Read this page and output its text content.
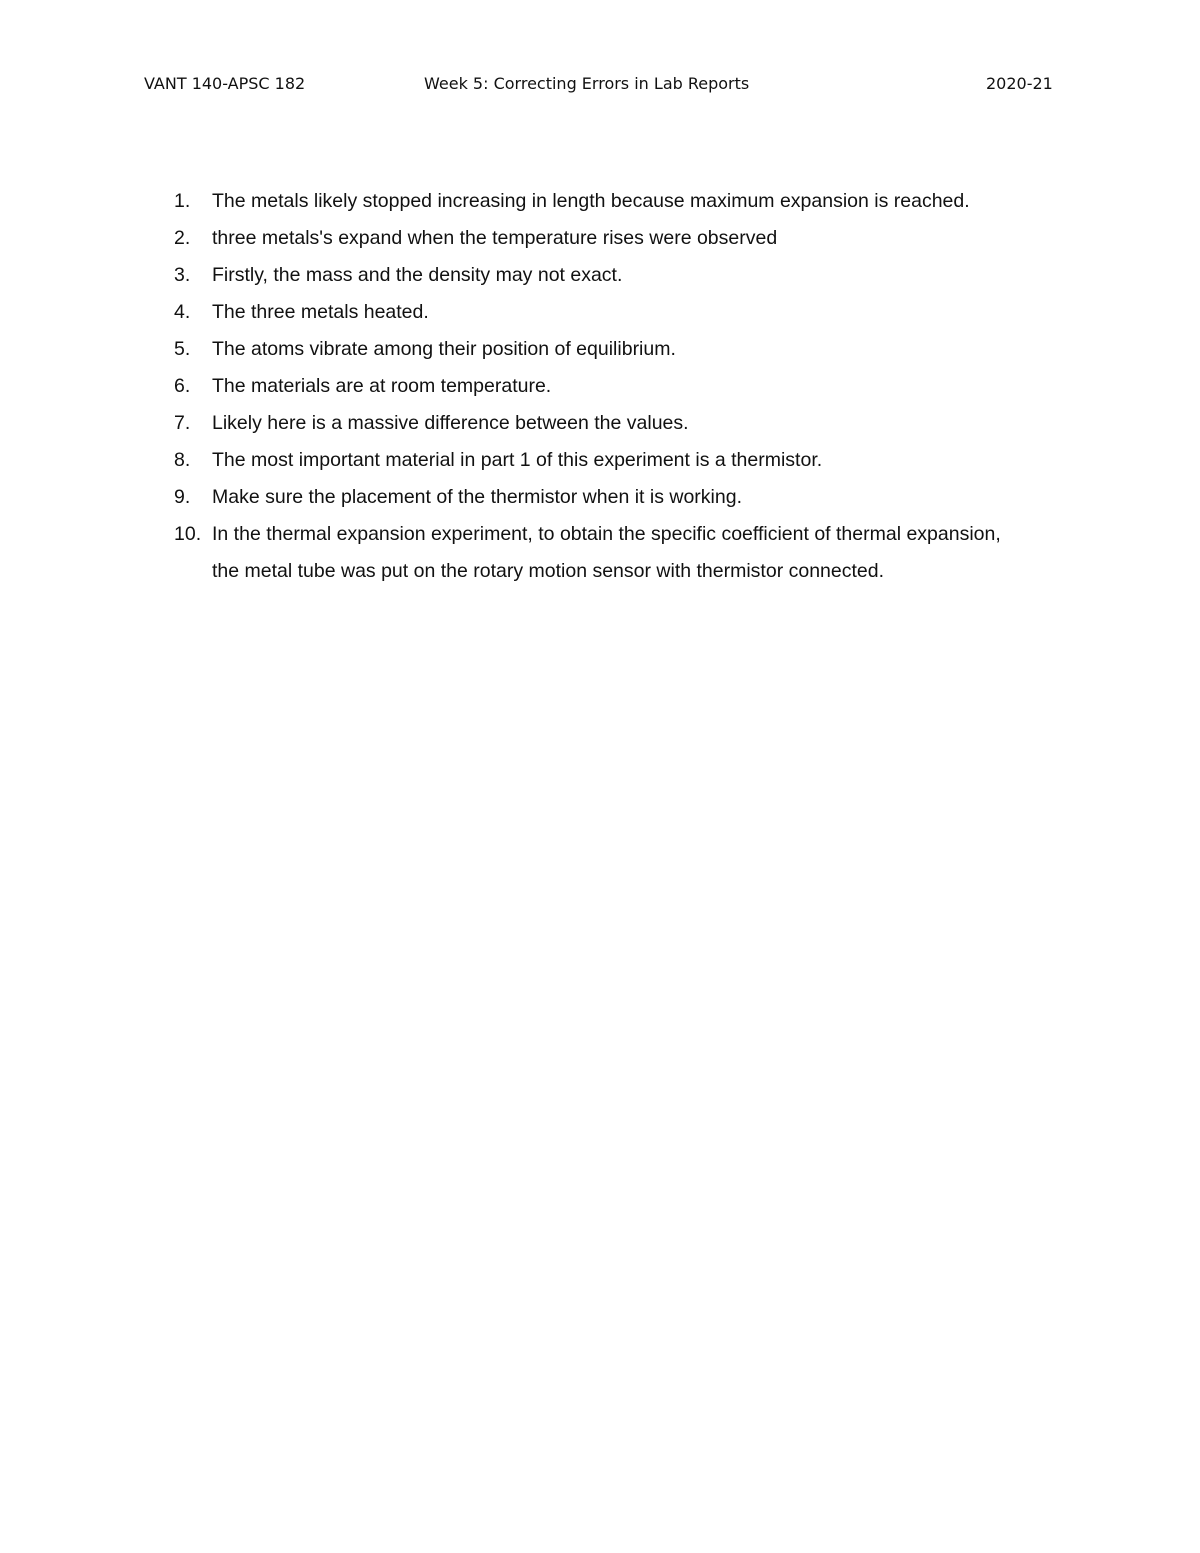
VANT 140-APSC 182	Week 5: Correcting Errors in Lab Reports	2020-21
1.	The metals likely stopped increasing in length because maximum expansion is reached.
2.	three metals's expand when the temperature rises were observed
3.	Firstly, the mass and the density may not exact.
4.	The three metals heated.
5.	The atoms vibrate among their position of equilibrium.
6.	The materials are at room temperature.
7.	Likely here is a massive difference between the values.
8.	The most important material in part 1 of this experiment is a thermistor.
9.	Make sure the placement of the thermistor when it is working.
10. In the thermal expansion experiment, to obtain the specific coefficient of thermal expansion, the metal tube was put on the rotary motion sensor with thermistor connected.
